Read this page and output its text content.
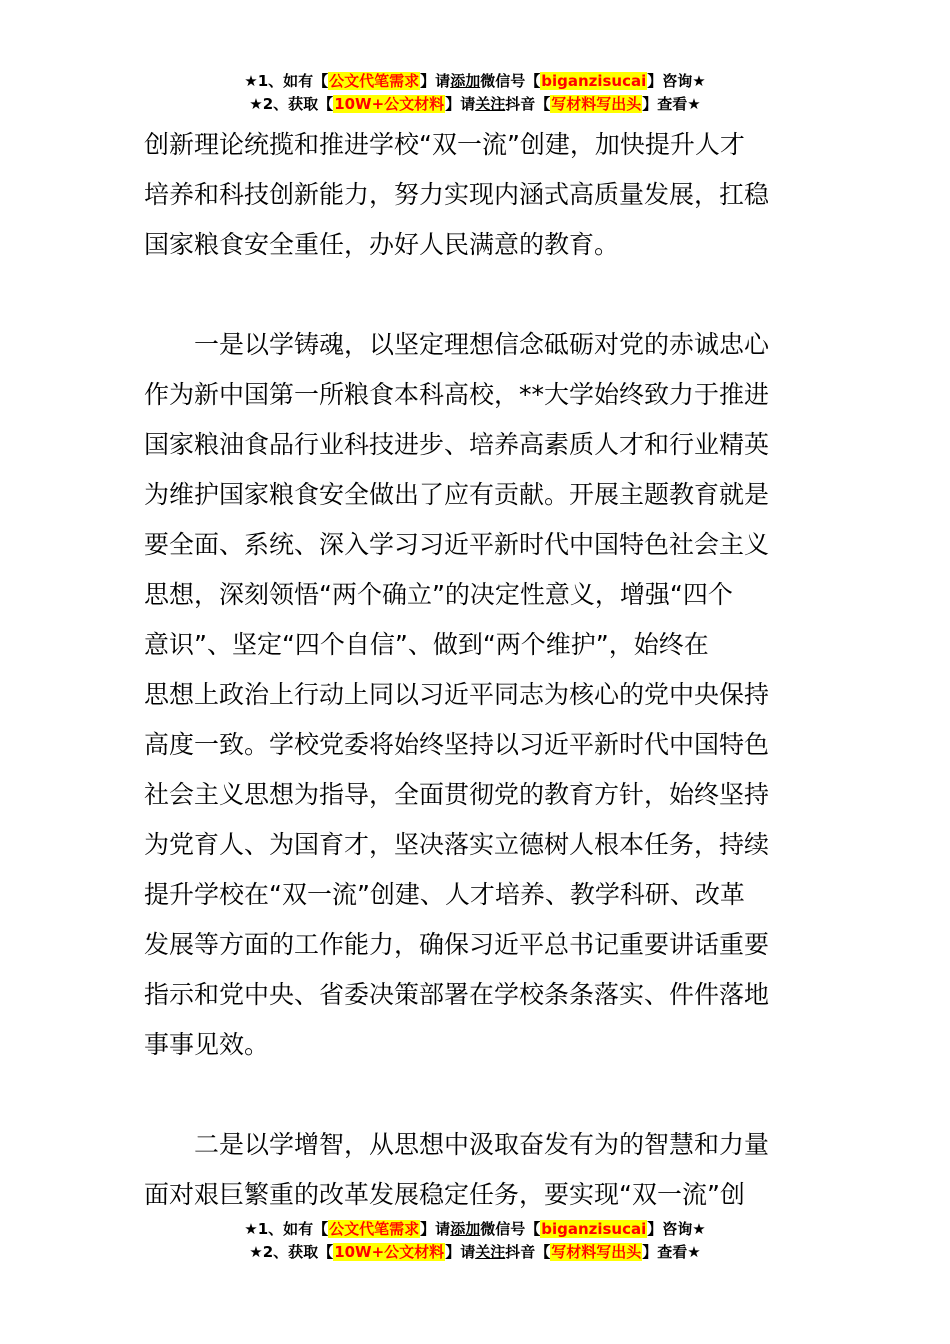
★1、如有【公文代笔需求】请添加微信号【biganzisucai】咨询★
★2、获取【10W+公文材料】请关注抖音【写材料写出头】查看★
创新理论统揽和推进学校“双一流”创建，加快提升人才
培养和科技创新能力，努力实现内涵式高质量发展，扛稳
国家粮食安全重任，办好人民满意的教育。
一是以学铸魂，以坚定理想信念砥砺对党的赤诚忠心
作为新中国第一所粮食本科高校，**大学始终致力于推进
国家粮油食品行业科技进步、培养高素质人才和行业精英
为维护国家粮食安全做出了应有贡献。开展主题教育就是
要全面、系统、深入学习习近平新时代中国特色社会主义
思想，深刻领悟“两个确立”的决定性意义，增强“四个
意识”、坚定“四个自信”、做到“两个维护”，始终在
思想上政治上行动上同以习近平同志为核心的党中央保持
高度一致。学校党委将始终坚持以习近平新时代中国特色
社会主义思想为指导，全面贯彻党的教育方针，始终坚持
为党育人、为国育才，坚决落实立德树人根本任务，持续
提升学校在“双一流”创建、人才培养、教学科研、改革
发展等方面的工作能力，确保习近平总书记重要讲话重要
指示和党中央、省委决策部署在学校条条落实、件件落地
事事见效。
二是以学增智，从思想中汲取奋发有为的智慧和力量
面对艰巨繁重的改革发展稳定任务，要实现“双一流”创
★1、如有【公文代笔需求】请添加微信号【biganzisucai】咨询★
★2、获取【10W+公文材料】请关注抖音【写材料写出头】查看★
